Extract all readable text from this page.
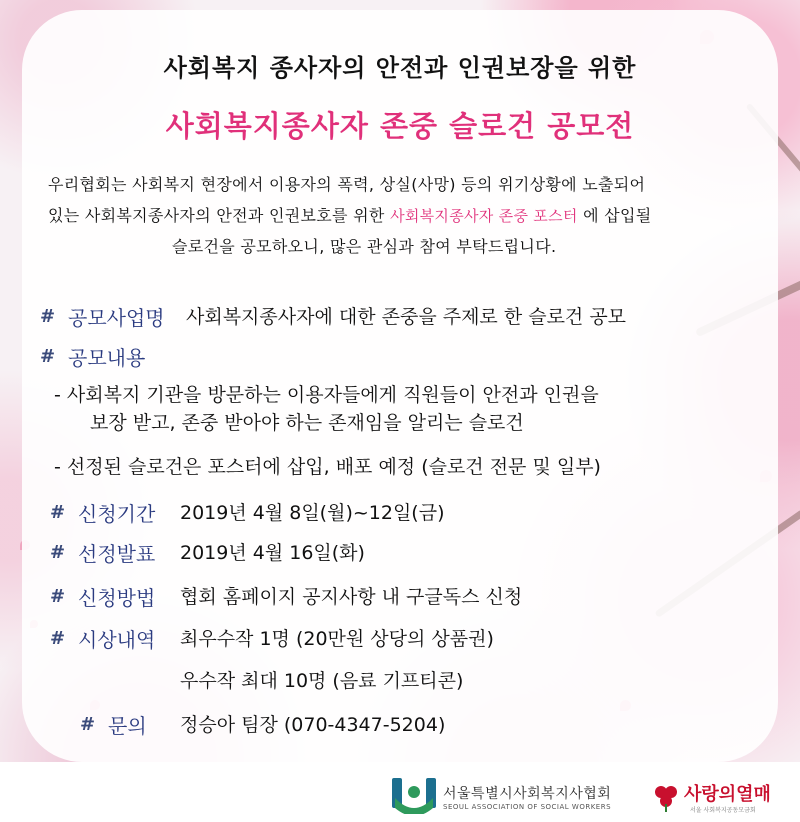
사회복지 종사자의 안전과 인권보장을 위한
사회복지종사자 존중 슬로건 공모전
우리협회는 사회복지 현장에서 이용자의 폭력, 상실(사망) 등의 위기상황에 노출되어
있는 사회복지종사자의 안전과 인권보호를 위한 사회복지종사자 존중 포스터 에 삽입될
슬로건을 공모하오니, 많은 관심과 참여 부탁드립니다.
# 공모사업명 사회복지종사자에 대한 존중을 주제로 한 슬로건 공모
# 공모내용
- 사회복지 기관을 방문하는 이용자들에게 직원들이 안전과 인권을
보장 받고, 존중 받아야 하는 존재임을 알리는 슬로건
- 선정된 슬로건은 포스터에 삽입, 배포 예정 (슬로건 전문 및 일부)
# 신청기간 2019년 4월 8일(월)~12일(금)
# 선정발표 2019년 4월 16일(화)
# 신청방법 협회 홈페이지 공지사항 내 구글독스 신청
# 시상내역 최우수작 1명 (20만원 상당의 상품권)
우수작 최대 10명 (음료 기프티콘)
# 문의 정승아 팀장 (070-4347-5204)
서울특별시사회복지사협회
SEOUL ASSOCIATION OF SOCIAL WORKERS
사랑의열매
서울 사회복지공동모금회
